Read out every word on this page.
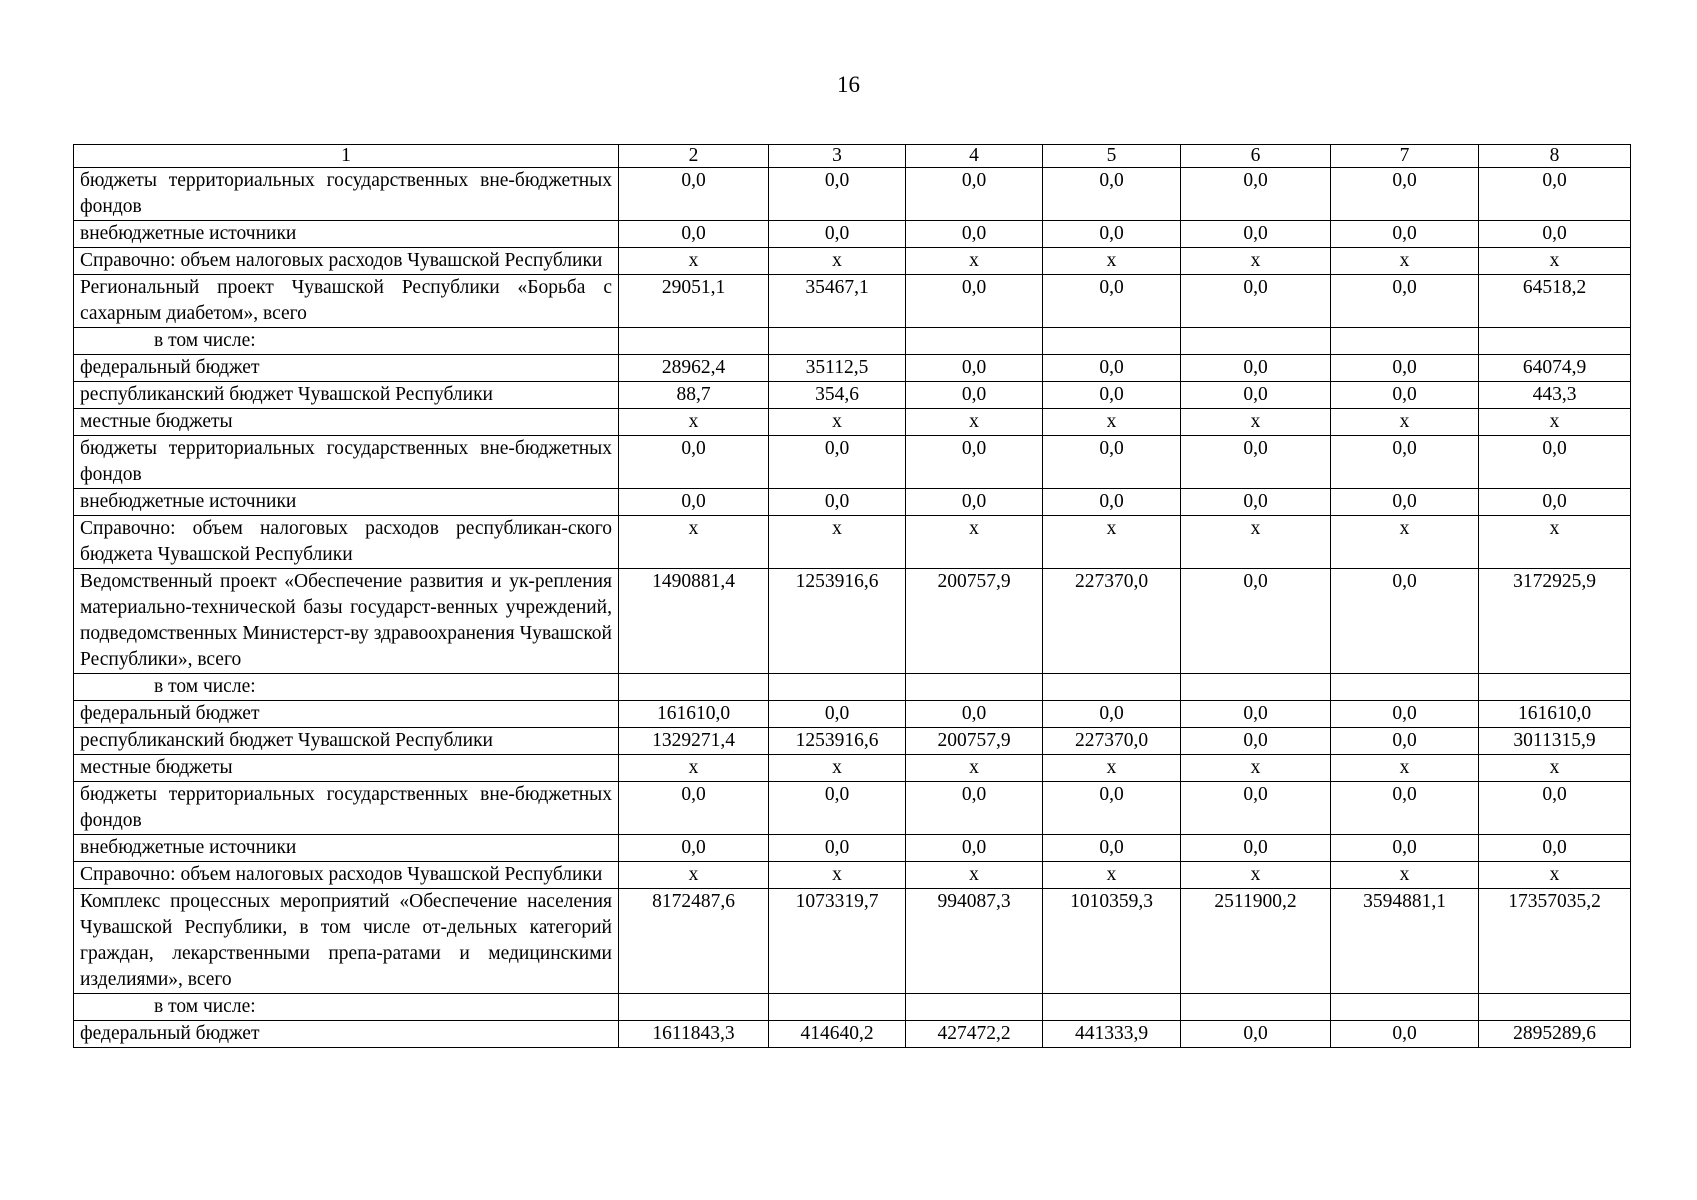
16
1	2	3	4	5	6	7	8
бюджеты территориальных государственных вне-бюджетных фондов	0,0	0,0	0,0	0,0	0,0	0,0	0,0
внебюджетные источники	0,0	0,0	0,0	0,0	0,0	0,0	0,0
Справочно: объем налоговых расходов Чувашской Республики	x	x	x	x	x	x	x
Региональный проект Чувашской Республики «Борьба с сахарным диабетом», всего	29051,1	35467,1	0,0	0,0	0,0	0,0	64518,2
в том числе:							
федеральный бюджет	28962,4	35112,5	0,0	0,0	0,0	0,0	64074,9
республиканский бюджет Чувашской Республики	88,7	354,6	0,0	0,0	0,0	0,0	443,3
местные бюджеты	x	x	x	x	x	x	x
бюджеты территориальных государственных вне-бюджетных фондов	0,0	0,0	0,0	0,0	0,0	0,0	0,0
внебюджетные источники	0,0	0,0	0,0	0,0	0,0	0,0	0,0
Справочно: объем налоговых расходов республикан-ского бюджета Чувашской Республики	x	x	x	x	x	x	x
Ведомственный проект «Обеспечение развития и ук-репления материально-технической базы государст-венных учреждений, подведомственных Министерст-ву здравоохранения Чувашской Республики», всего	1490881,4	1253916,6	200757,9	227370,0	0,0	0,0	3172925,9
в том числе:							
федеральный бюджет	161610,0	0,0	0,0	0,0	0,0	0,0	161610,0
республиканский бюджет Чувашской Республики	1329271,4	1253916,6	200757,9	227370,0	0,0	0,0	3011315,9
местные бюджеты	x	x	x	x	x	x	x
бюджеты территориальных государственных вне-бюджетных фондов	0,0	0,0	0,0	0,0	0,0	0,0	0,0
внебюджетные источники	0,0	0,0	0,0	0,0	0,0	0,0	0,0
Справочно: объем налоговых расходов Чувашской Республики	x	x	x	x	x	x	x
Комплекс процессных мероприятий «Обеспечение населения Чувашской Республики, в том числе от-дельных категорий граждан, лекарственными препа-ратами и медицинскими изделиями», всего	8172487,6	1073319,7	994087,3	1010359,3	2511900,2	3594881,1	17357035,2
в том числе:							
федеральный бюджет	1611843,3	414640,2	427472,2	441333,9	0,0	0,0	2895289,6
